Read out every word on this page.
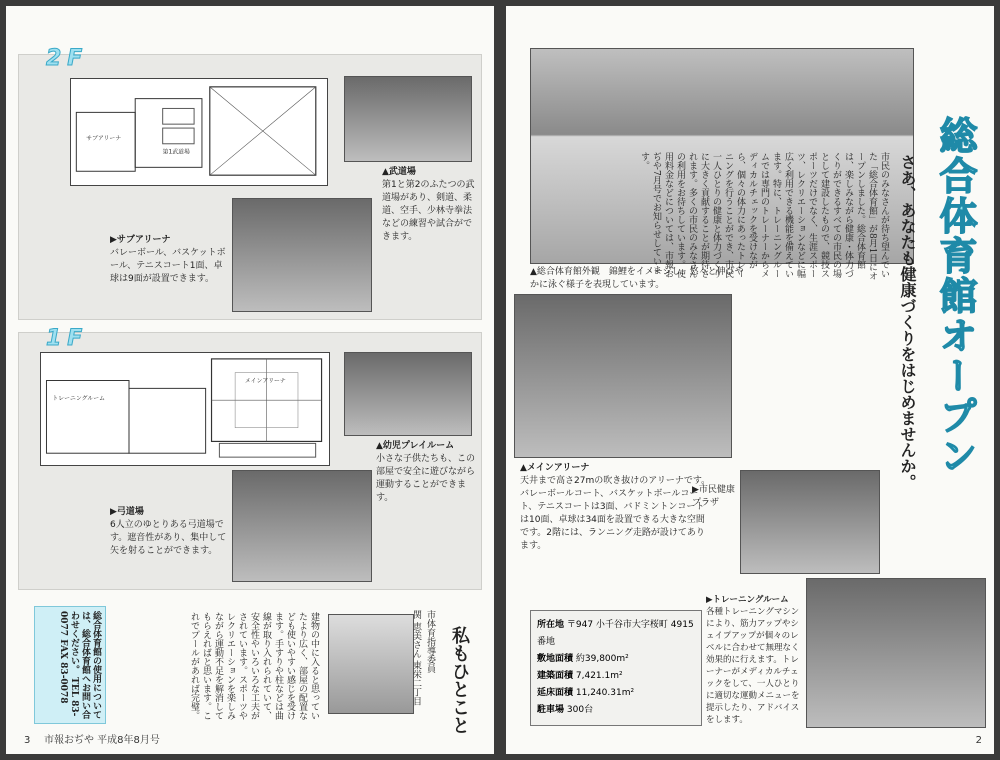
2F
サブアリーナ
第1武道場
▲武道場
第1と第2のふたつの武道場があり、剣道、柔道、空手、少林寺拳法などの練習や試合ができます。
▶サブアリーナ
バレーボール、バスケットボール、テニスコート1面、卓球は9面が設置できます。
1F
トレーニングルーム
メインアリーナ
▲幼児プレイルーム
小さな子供たちも、この部屋で安全に遊びながら運動することができます。
▶弓道場
6人立のゆとりある弓道場です。遮音性があり、集中して矢を射ることができます。
総合体育館の使用については、総合体育館へお問い合わせください。 TEL 83-0077 FAX 83-0078	建物の中に入ると思っていたより広く、部屋の配置なども使いやすい感じを受けます。手すりや柱などは曲線が取り入れられていて、安全性やいろいろな工夫がされています。スポーツやレクリエーションを楽しみながら運動不足を解消してもらえればと思います。これでプールがあれば完璧。	市体育指導委員
関 恵美さん 東栄二丁目 私もひとこと
3 市報おぢや 平成8年8月号
▲総合体育館外観　錦鯉をイメージし、悠々と伸びやかに泳ぐ様子を表現しています。	総合体育館オープン
さあ、あなたも健康づくりをはじめませんか。
市民のみなさんが待ち望んでいた「総合体育館」が8月1日にオープンしました。総合体育館は、楽しみながら健康・体力づくりができるすべての市民の場として建設したもので、競技スポーツだけでなく、生涯スポーツ、レクリエーションなどに幅広く利用できる機能を備えています。特に、トレーニングルームでは専門のトレーナーからメディカルチェックを受けながら、個々の体力にあったトレーニングを行うことができ、市民一人ひとりの健康と体力づくりに大きく貢献することが期待されます。多くの市民のみなさんの利用をお待ちしています。使用料金などについては、市報おぢや7月号でお知らせしています。
▲メインアリーナ
天井まで高さ27mの吹き抜けのアリーナです。バレーボールコート、バスケットボールコート、テニスコートは3面、バドミントンコートは10面、卓球は34面を設置できる大きな空間です。2階には、ランニング走路が設けてあります。
▶市民健康プラザ
所在地 〒947 小千谷市大字桜町 4915番地
敷地面積 約39,800m²
建築面積 7,421.1m²
延床面積 11,240.31m²
駐車場 300台
▶トレーニングルーム
各種トレーニングマシンにより、筋力アップやシェイプアップが個々のレベルに合わせて無理なく効果的に行えます。トレーナーがメディカルチェックをして、一人ひとりに適切な運動メニューを提示したり、アドバイスをします。
2
